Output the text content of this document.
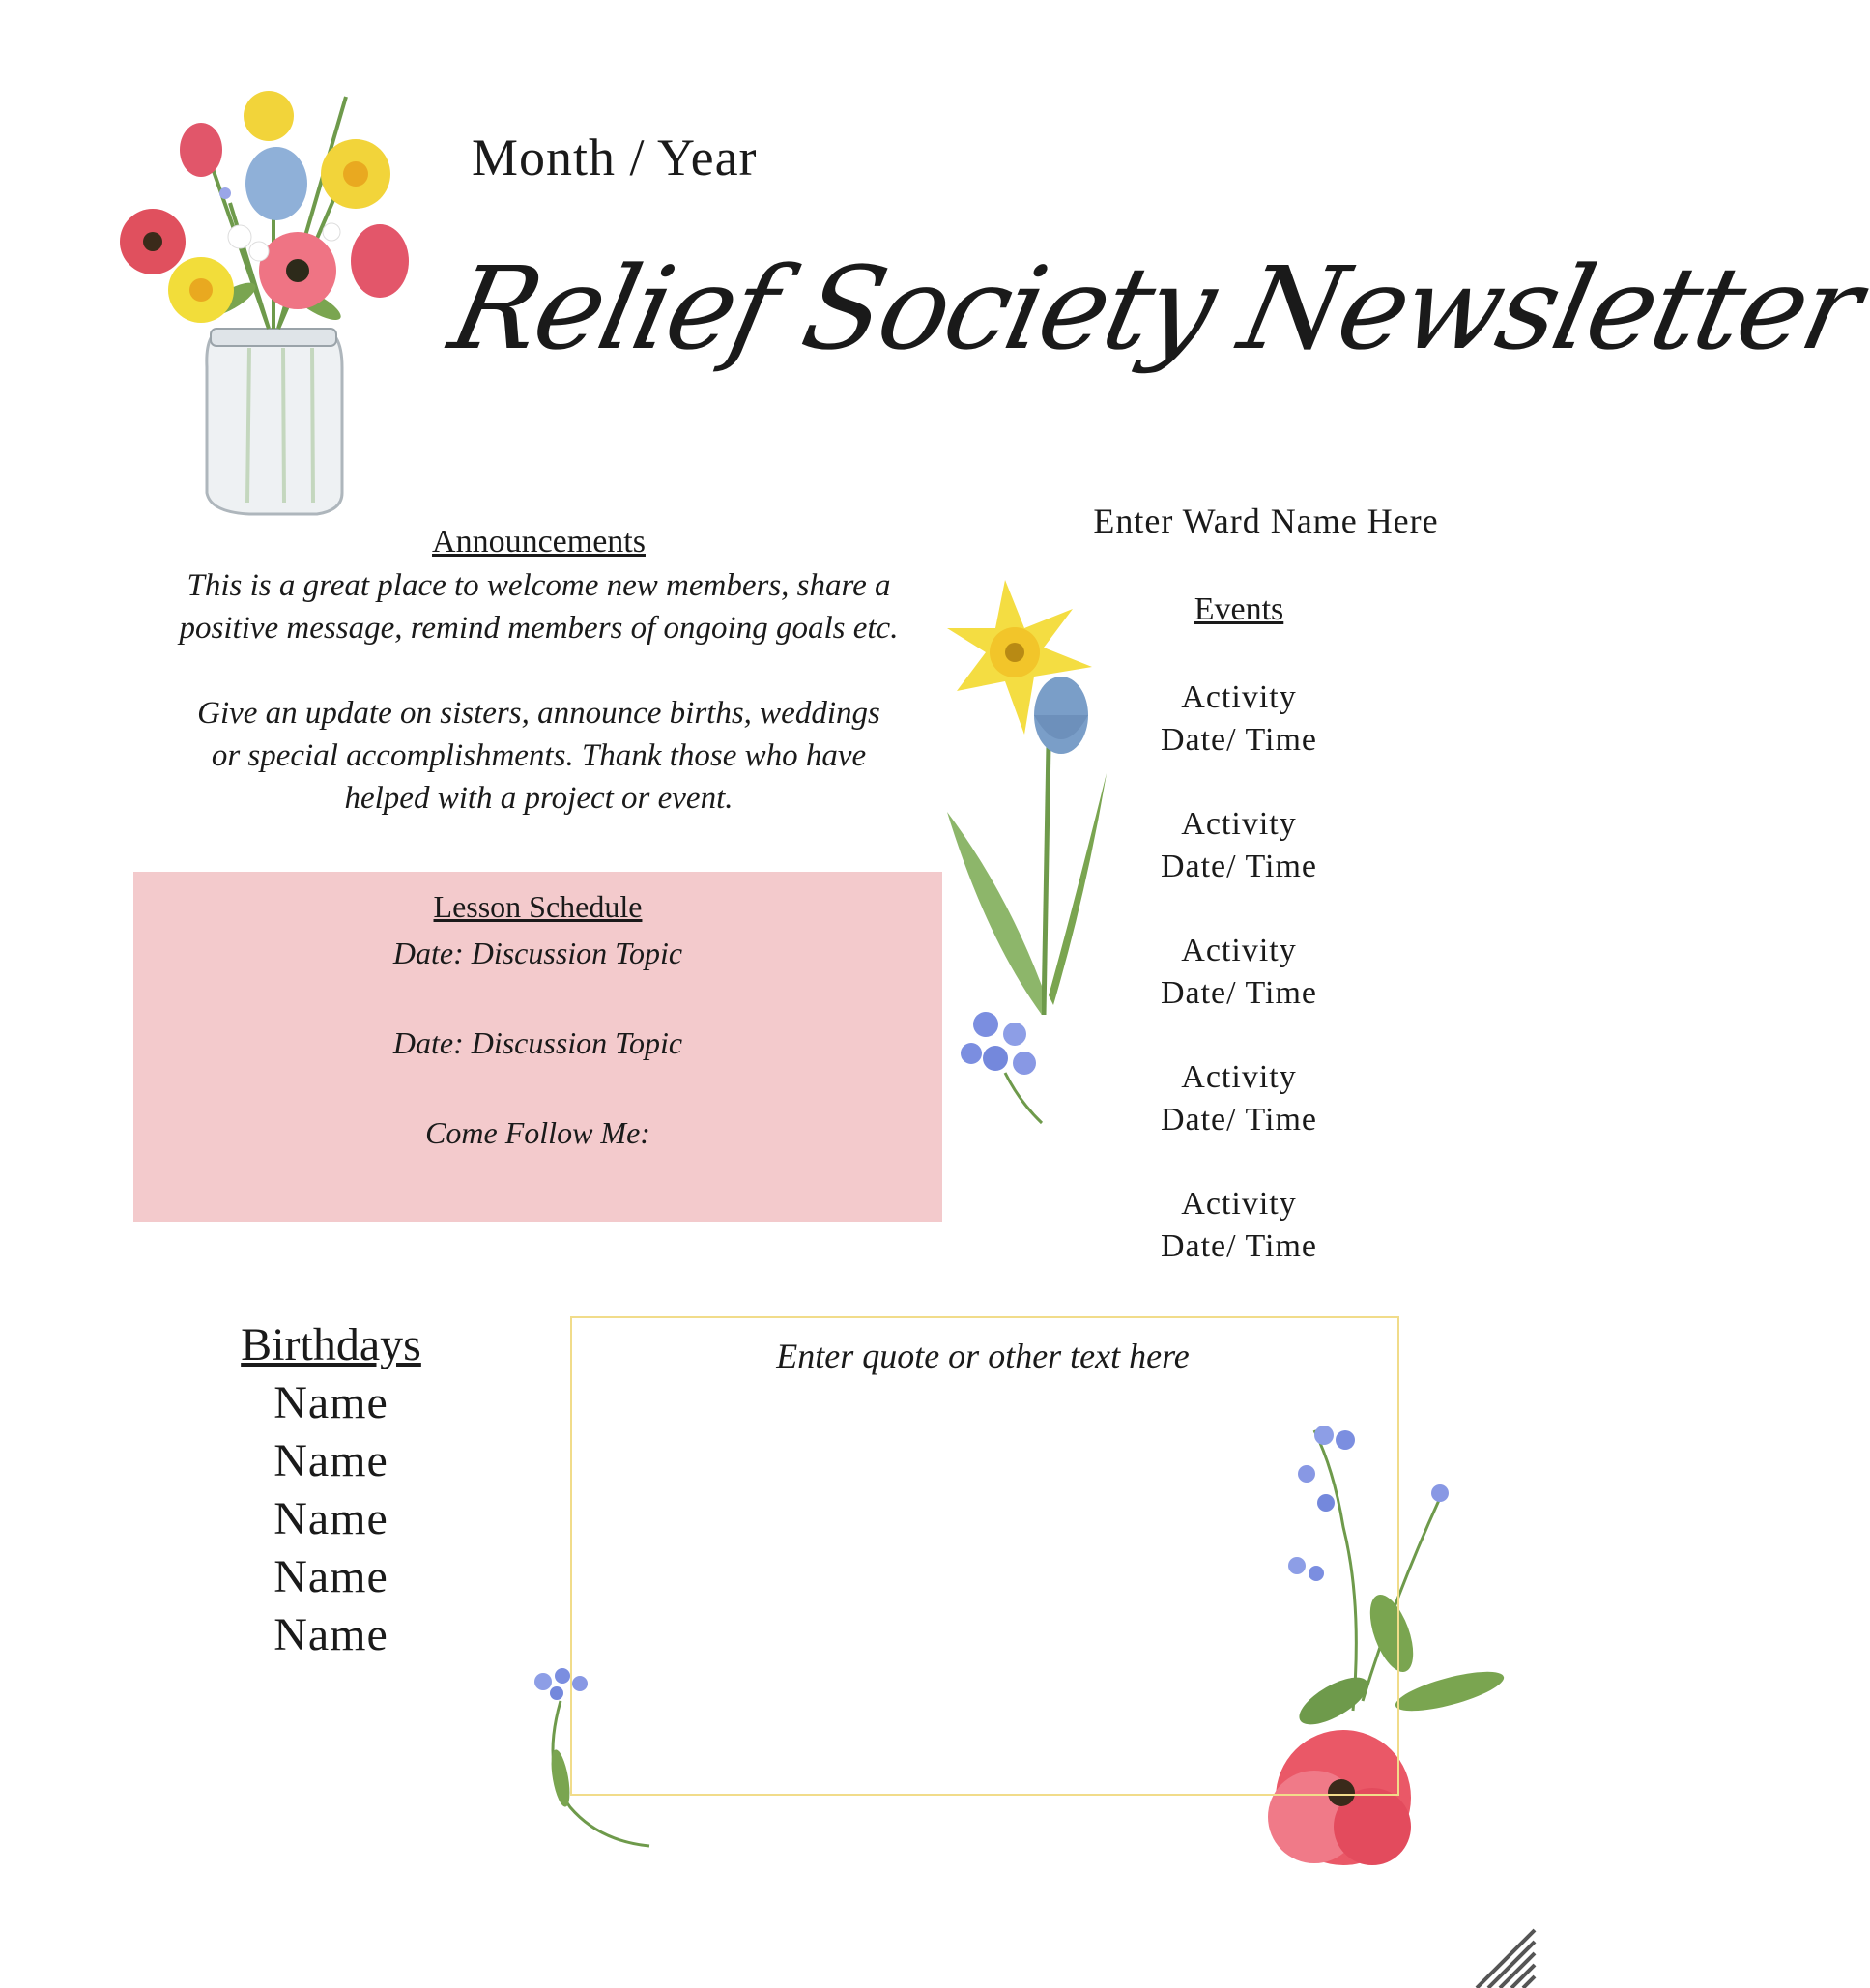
Month / Year
Relief Society Newsletter
Enter Ward Name Here
Events
Activity
Date/ Time
Activity
Date/ Time
Activity
Date/ Time
Activity
Date/ Time
Activity
Date/ Time
Announcements
This is a great place to welcome new members, share a
positive message, remind members of ongoing goals etc.
Give an update on sisters, announce births, weddings
or special accomplishments. Thank those who have
helped with a project or event.
Lesson Schedule
Date: Discussion Topic
Date: Discussion Topic
Come Follow Me:
Birthdays
Name
Name
Name
Name
Name
Enter quote or other text here
